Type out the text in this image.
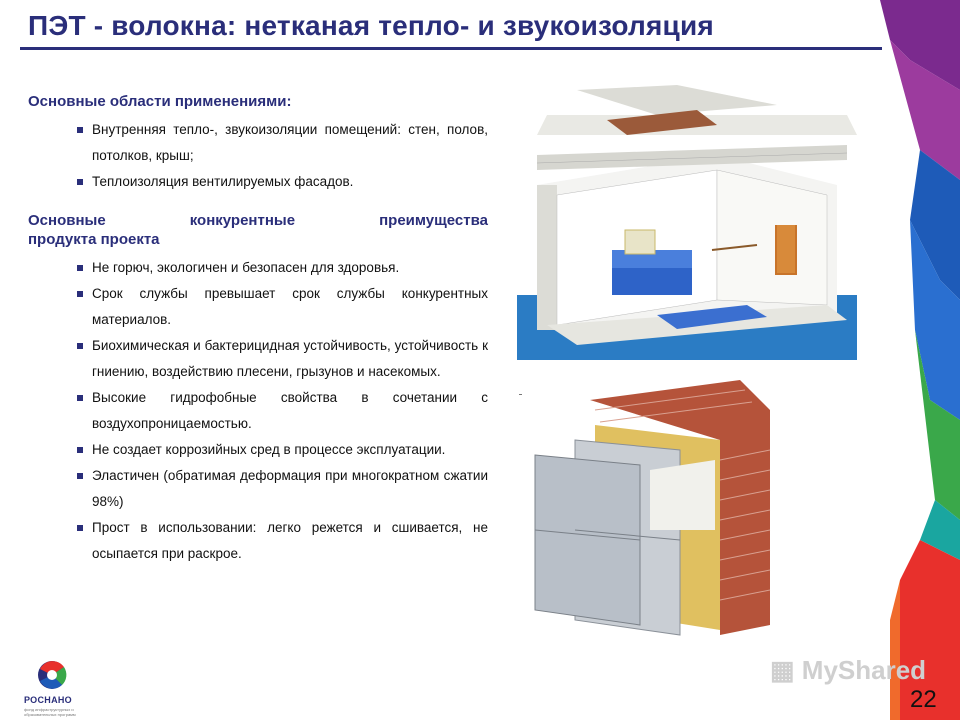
ПЭТ - волокна: нетканая тепло- и звукоизоляция
Основные области применениями:
Внутренняя тепло-, звукоизоляции помещений: стен, полов, потолков, крыш;
Теплоизоляция вентилируемых фасадов.
Основные конкурентные преимущества
продукта проекта
Не горюч, экологичен и безопасен для здоровья.
Срок службы превышает срок службы конкурентных материалов.
Биохимическая и бактерицидная устойчивость, устойчивость к гниению, воздействию плесени, грызунов и насекомых.
Высокие гидрофобные свойства в сочетании с воздухопроницаемостью.
Не создает коррозийных сред в процессе эксплуатации.
Эластичен (обратимая деформация при многократном сжатии 98%)
Прост в использовании: легко режется и сшивается, не осыпается при раскрое.
РОСНАНО
фонд инфраструктурных и образовательных программ
▦ MyShared
22
